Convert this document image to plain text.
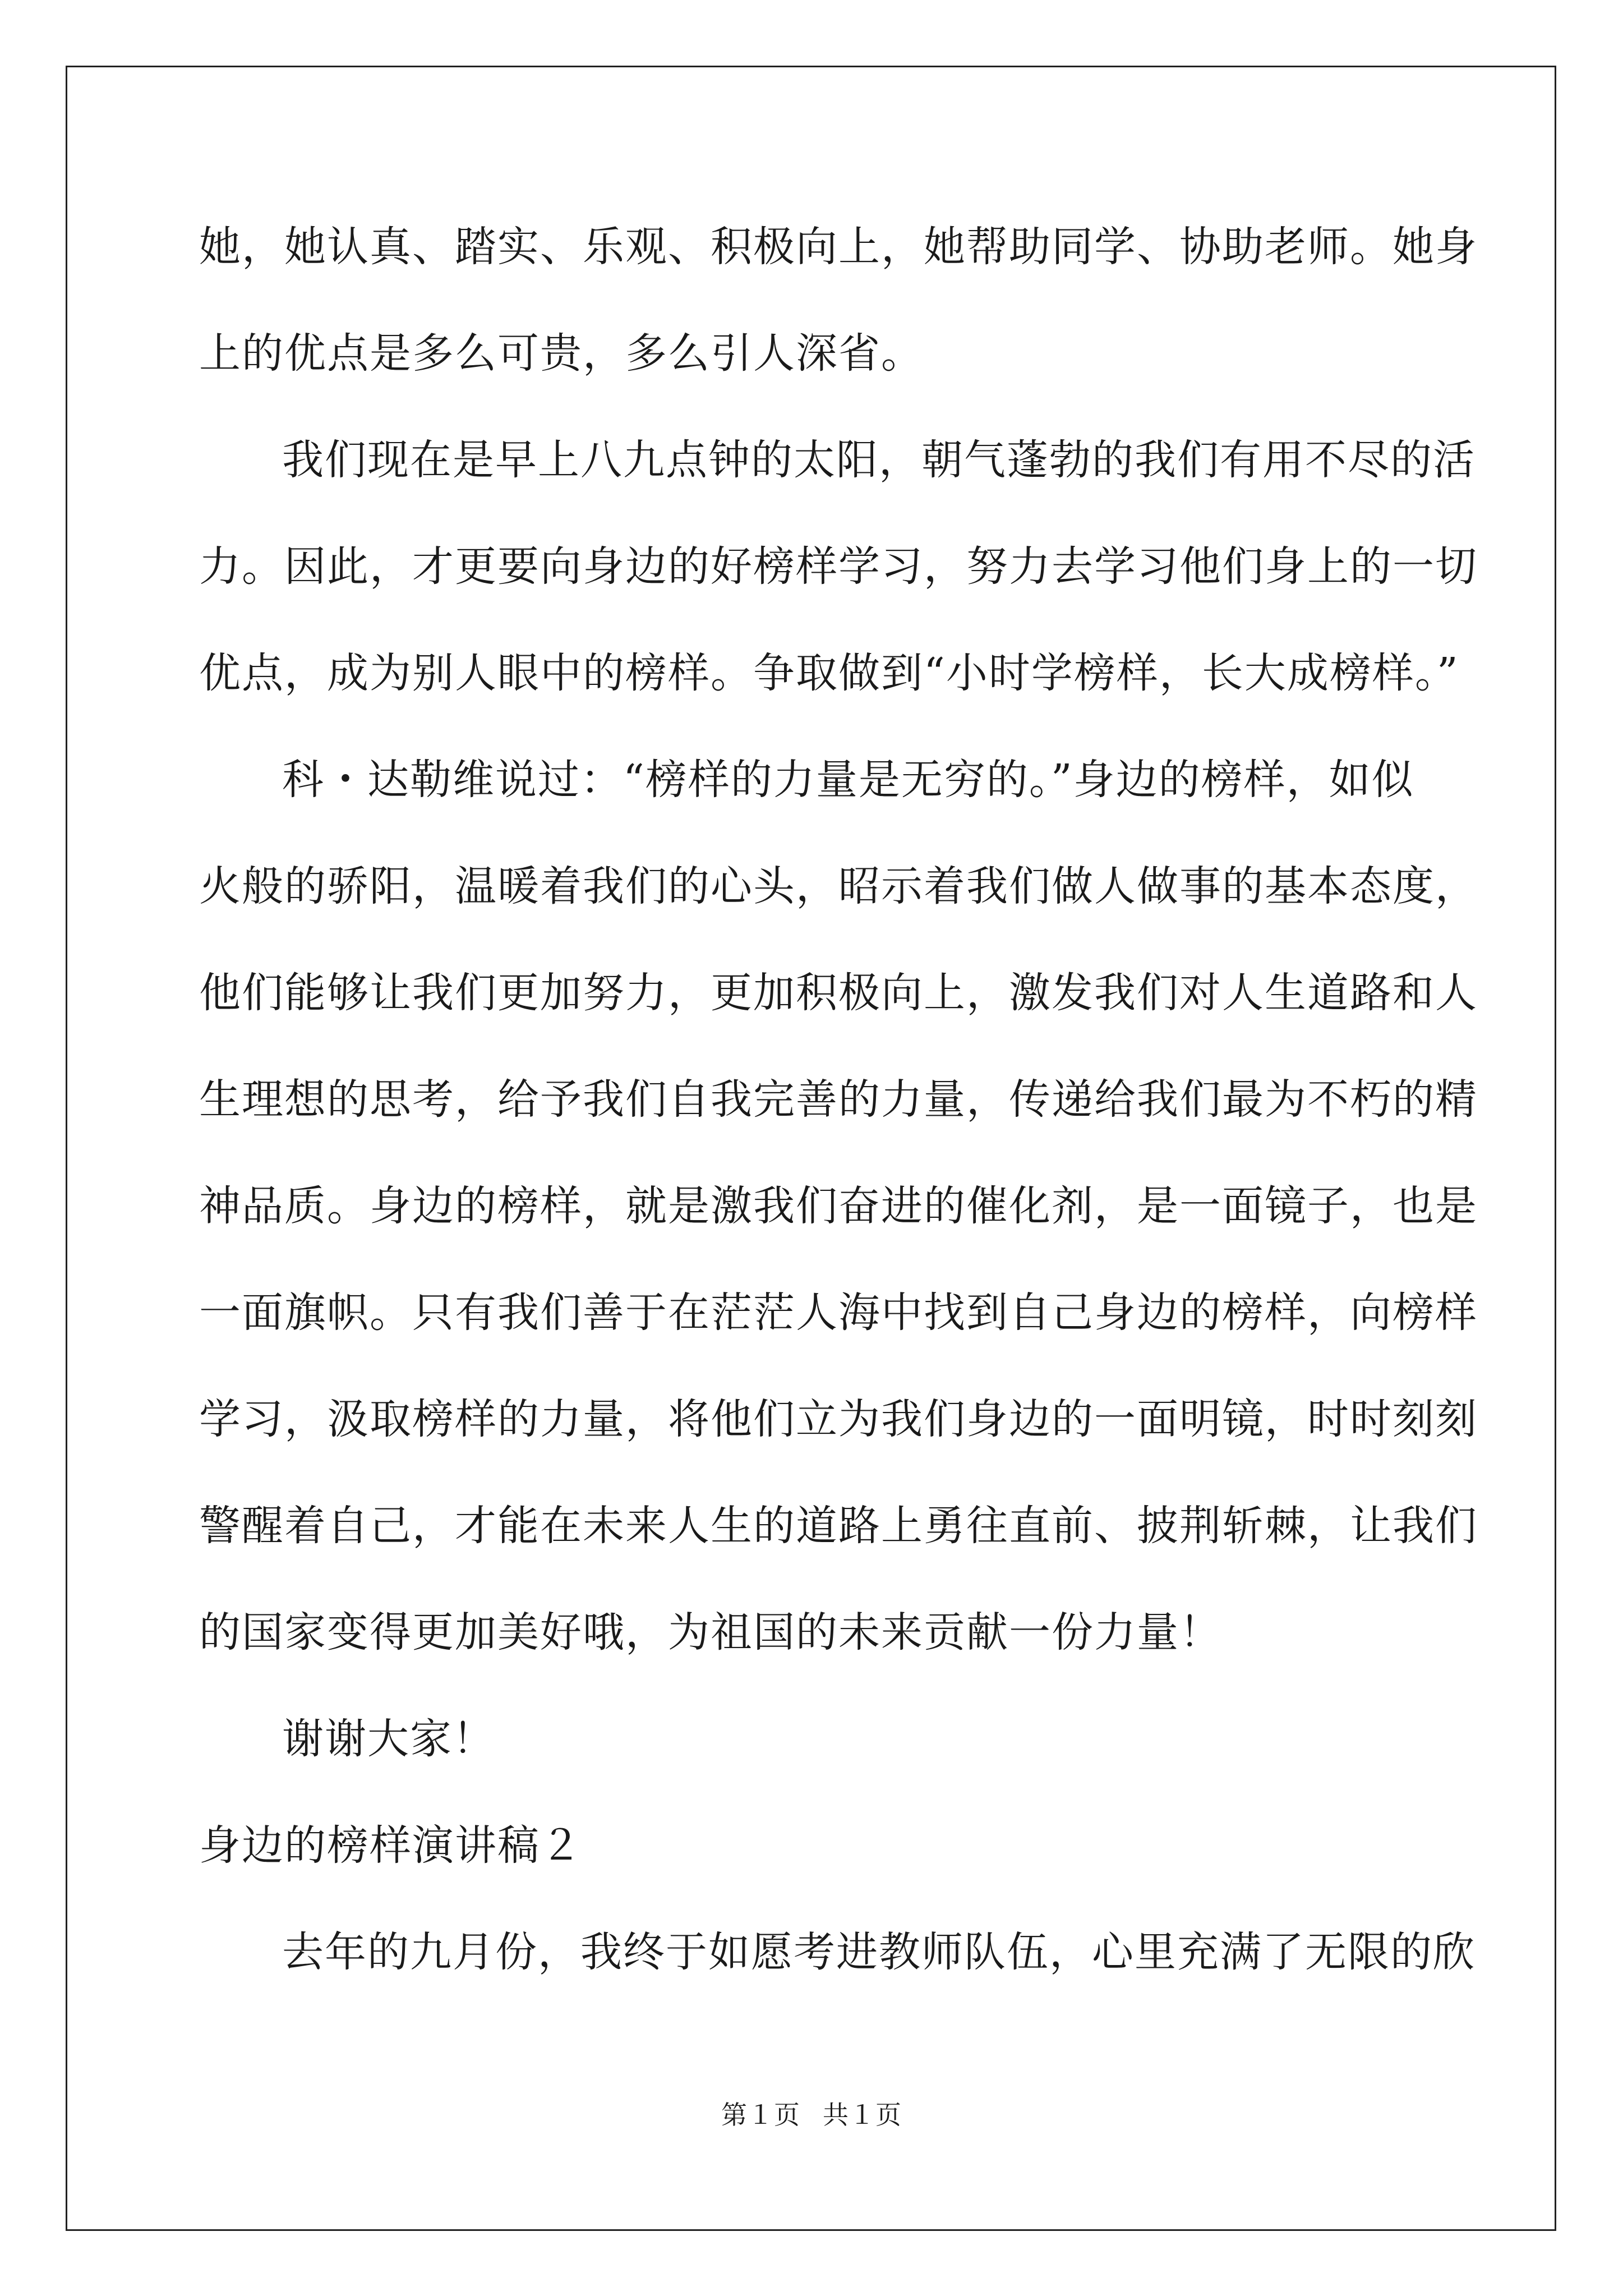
她，她认真、踏实、乐观、积极向上，她帮助同学、协助老师。她身
上的优点是多么可贵，多么引人深省。
我们现在是早上八九点钟的太阳，朝气蓬勃的我们有用不尽的活
力。因此，才更要向身边的好榜样学习，努力去学习他们身上的一切
优点，成为别人眼中的榜样。争取做到“小时学榜样，长大成榜样。”
科・达勒维说过：“榜样的力量是无穷的。”身边的榜样，如似
火般的骄阳，温暖着我们的心头，昭示着我们做人做事的基本态度，
他们能够让我们更加努力，更加积极向上，激发我们对人生道路和人
生理想的思考，给予我们自我完善的力量，传递给我们最为不朽的精
神品质。身边的榜样，就是激我们奋进的催化剂，是一面镜子，也是
一面旗帜。只有我们善于在茫茫人海中找到自己身边的榜样，向榜样
学习，汲取榜样的力量，将他们立为我们身边的一面明镜，时时刻刻
警醒着自己，才能在未来人生的道路上勇往直前、披荆斩棘，让我们
的国家变得更加美好哦，为祖国的未来贡献一份力量！
谢谢大家！
身边的榜样演讲稿２
去年的九月份，我终于如愿考进教师队伍，心里充满了无限的欣
第１页 共１页
